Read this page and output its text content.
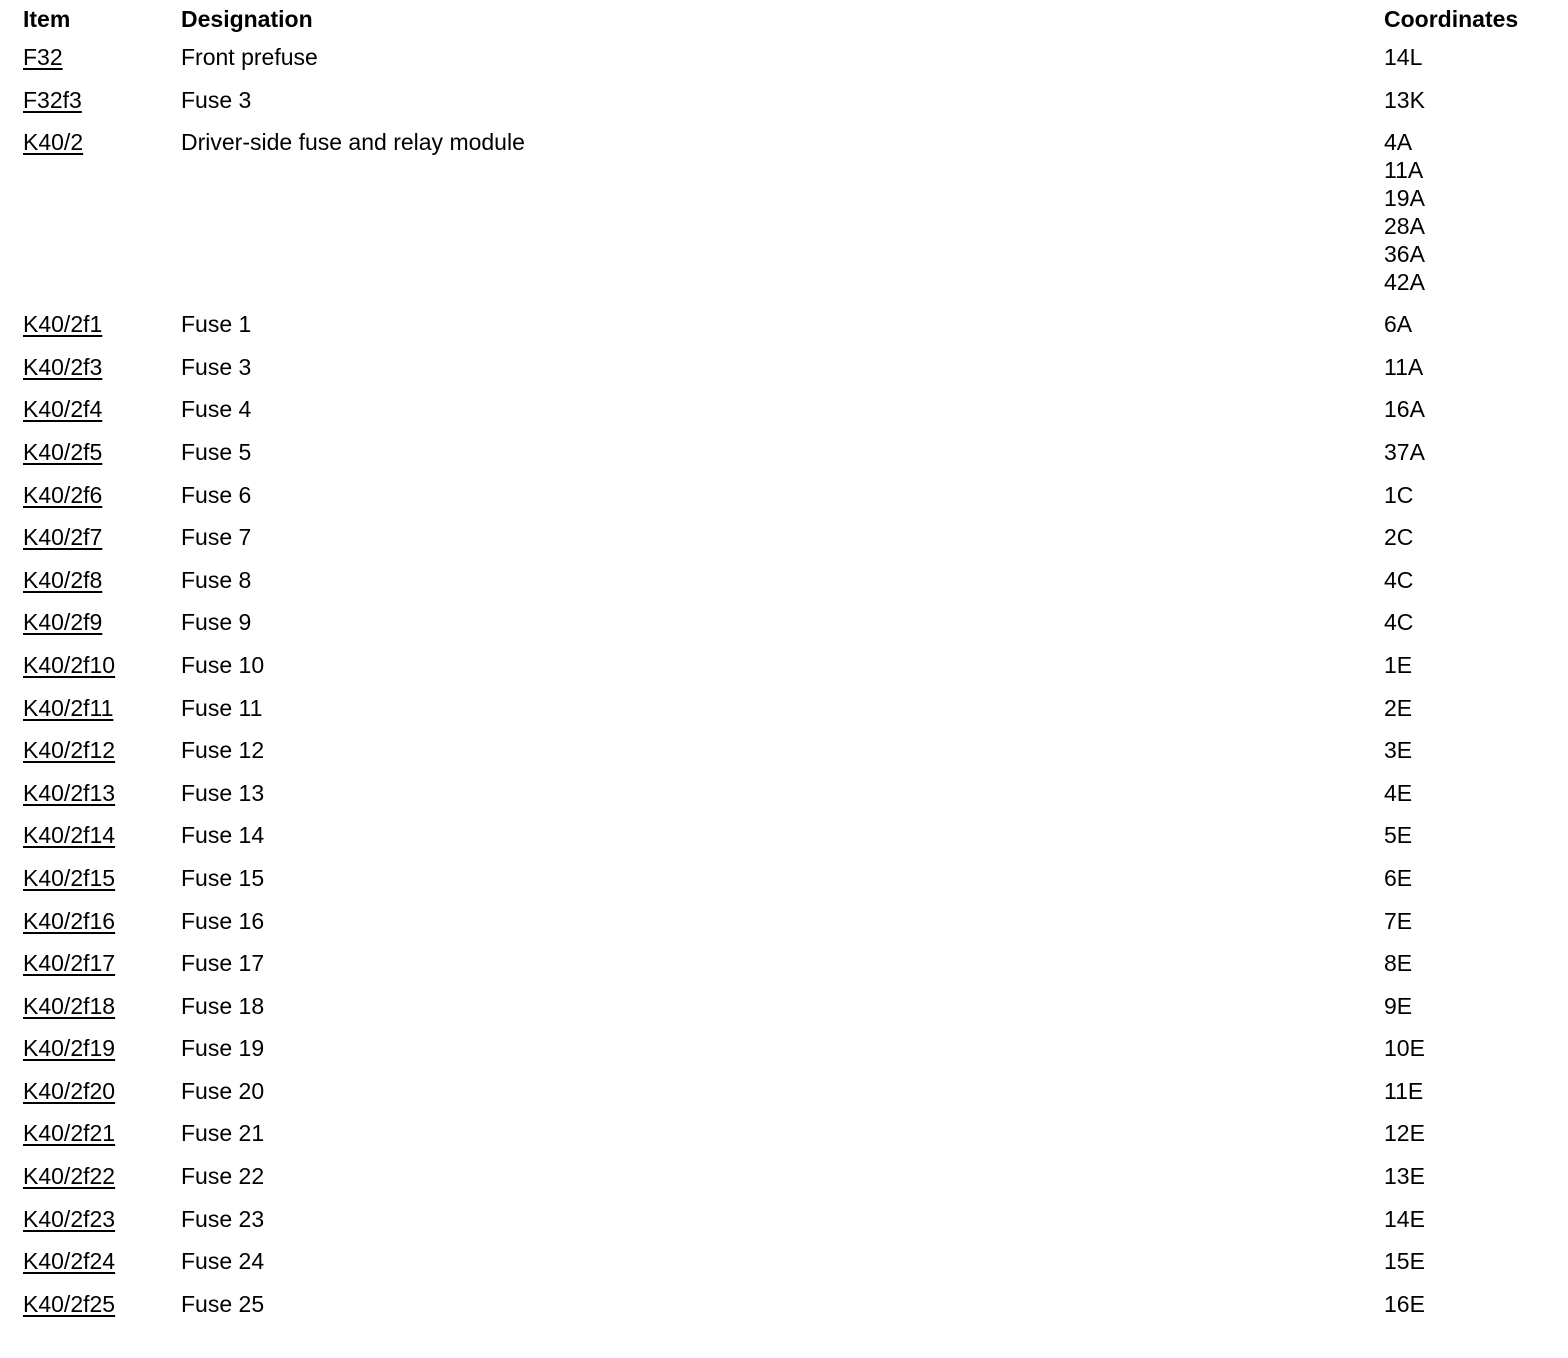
Item	Designation	Coordinates
F32	Front prefuse	14L
F32f3	Fuse 3	13K
K40/2	Driver-side fuse and relay module	4A
11A
19A
28A
36A
42A
K40/2f1	Fuse 1	6A
K40/2f3	Fuse 3	11A
K40/2f4	Fuse 4	16A
K40/2f5	Fuse 5	37A
K40/2f6	Fuse 6	1C
K40/2f7	Fuse 7	2C
K40/2f8	Fuse 8	4C
K40/2f9	Fuse 9	4C
K40/2f10	Fuse 10	1E
K40/2f11	Fuse 11	2E
K40/2f12	Fuse 12	3E
K40/2f13	Fuse 13	4E
K40/2f14	Fuse 14	5E
K40/2f15	Fuse 15	6E
K40/2f16	Fuse 16	7E
K40/2f17	Fuse 17	8E
K40/2f18	Fuse 18	9E
K40/2f19	Fuse 19	10E
K40/2f20	Fuse 20	11E
K40/2f21	Fuse 21	12E
K40/2f22	Fuse 22	13E
K40/2f23	Fuse 23	14E
K40/2f24	Fuse 24	15E
K40/2f25	Fuse 25	16E
